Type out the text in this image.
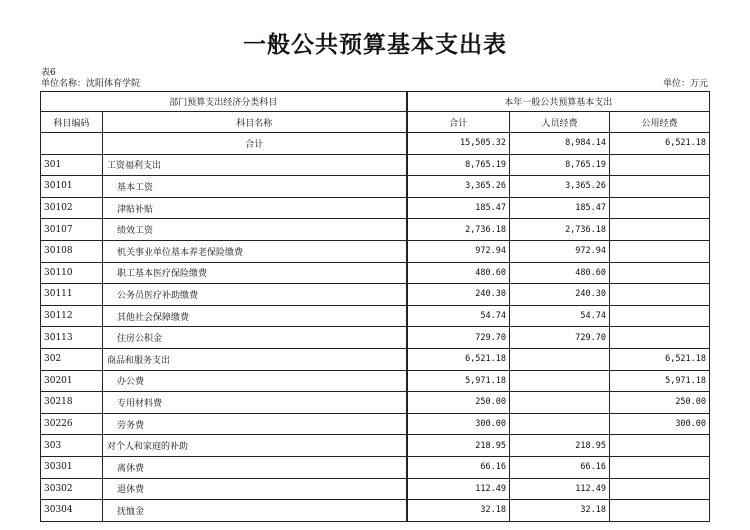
一般公共预算基本支出表
表6
单位名称：沈阳体育学院	单位：万元
部门预算支出经济分类科目		本年一般公共预算基本支出		
科目编码	科目名称	合计	人员经费	公用经费
	合计	15,505.32	8,984.14	6,521.18
301	工资福利支出	8,765.19	8,765.19	
30101	基本工资	3,365.26	3,365.26	
30102	津贴补贴	185.47	185.47	
30107	绩效工资	2,736.18	2,736.18	
30108	机关事业单位基本养老保险缴费	972.94	972.94	
30110	职工基本医疗保险缴费	480.60	480.60	
30111	公务员医疗补助缴费	240.30	240.30	
30112	其他社会保障缴费	54.74	54.74	
30113	住房公积金	729.70	729.70	
302	商品和服务支出	6,521.18		6,521.18
30201	办公费	5,971.18		5,971.18
30218	专用材料费	250.00		250.00
30226	劳务费	300.00		300.00
303	对个人和家庭的补助	218.95	218.95	
30301	离休费	66.16	66.16	
30302	退休费	112.49	112.49	
30304	抚恤金	32.18	32.18	
